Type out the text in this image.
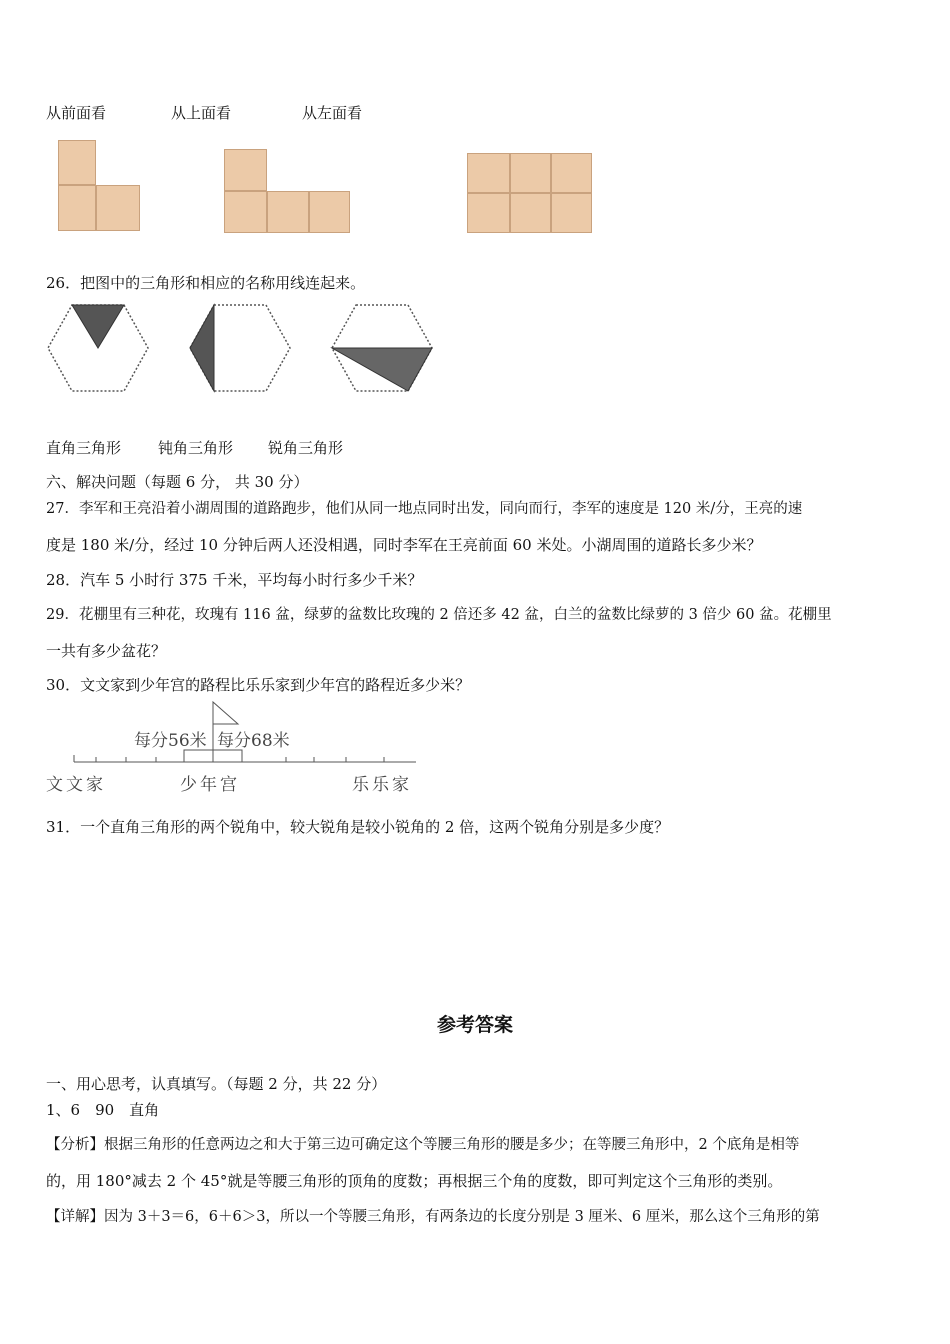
从前面看	从上面看	从左面看
26．把图中的三角形和相应的名称用线连起来。
直角三角形 钝角三角形 锐角三角形
六、解决问题（每题 6 分， 共 30 分）
27．李军和王亮沿着小湖周围的道路跑步，他们从同一地点同时出发，同向而行，李军的速度是 120 米/分，王亮的速
度是 180 米/分，经过 10 分钟后两人还没相遇，同时李军在王亮前面 60 米处。小湖周围的道路长多少米？
28．汽车 5 小时行 375 千米，平均每小时行多少千米？
29．花棚里有三种花，玫瑰有 116 盆，绿萝的盆数比玫瑰的 2 倍还多 42 盆，白兰的盆数比绿萝的 3 倍少 60 盆。花棚里
一共有多少盆花？
30．文文家到少年宫的路程比乐乐家到少年宫的路程近多少米？
每分56米 每分68米
文文家	少年宫	乐乐家
31．一个直角三角形的两个锐角中，较大锐角是较小锐角的 2 倍，这两个锐角分别是多少度？
参考答案
一、用心思考，认真填写。（每题 2 分，共 22 分）
1、6　90　直角
【分析】根据三角形的任意两边之和大于第三边可确定这个等腰三角形的腰是多少；在等腰三角形中，2 个底角是相等
的，用 180°减去 2 个 45°就是等腰三角形的顶角的度数；再根据三个角的度数，即可判定这个三角形的类别。
【详解】因为 3＋3＝6，6＋6＞3，所以一个等腰三角形，有两条边的长度分别是 3 厘米、6 厘米，那么这个三角形的第
